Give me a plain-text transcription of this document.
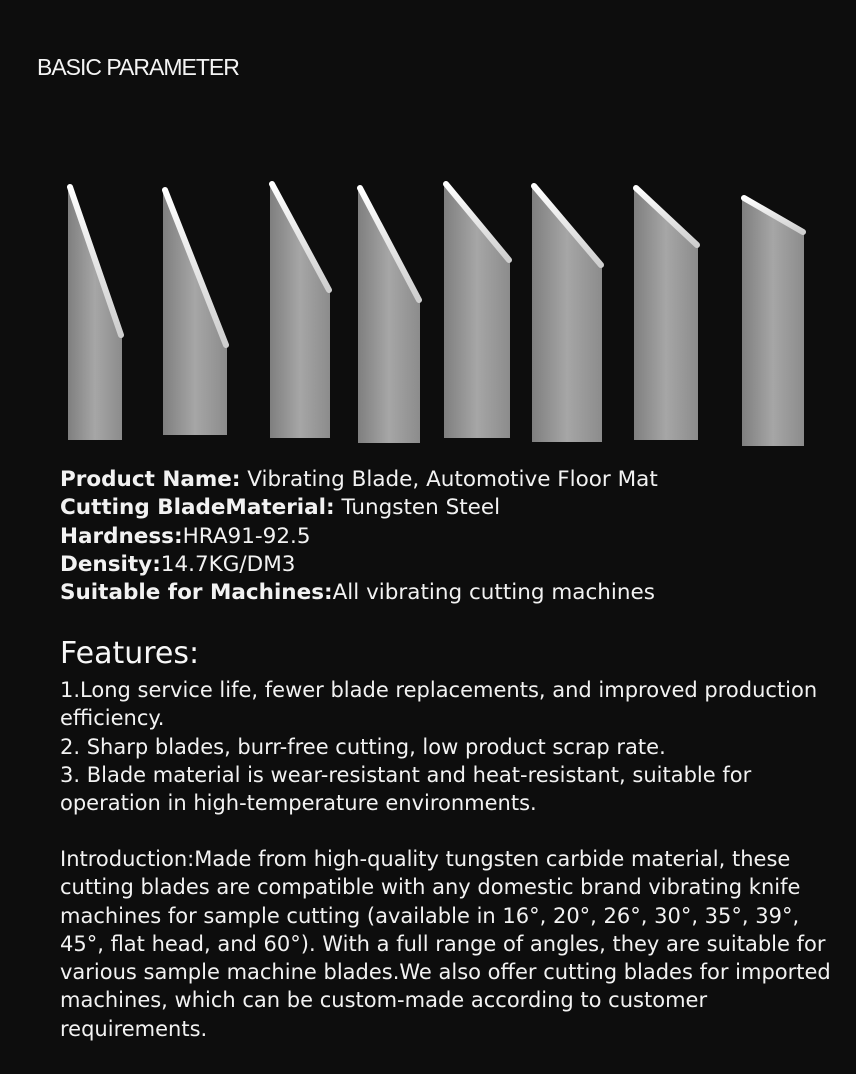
BASIC PARAMETER
Product Name: Vibrating Blade, Automotive Floor Mat
Cutting BladeMaterial: Tungsten Steel
Hardness:HRA91-92.5
Density:14.7KG/DM3
Suitable for Machines:All vibrating cutting machines
Features:
1.Long service life, fewer blade replacements, and improved production efficiency.
2. Sharp blades, burr-free cutting, low product scrap rate.
3. Blade material is wear-resistant and heat-resistant, suitable for operation in high-temperature environments.

Introduction:Made from high-quality tungsten carbide material, these cutting blades are compatible with any domestic brand vibrating knife machines for sample cutting (available in 16°, 20°, 26°, 30°, 35°, 39°, 45°, flat head, and 60°). With a full range of angles, they are suitable for various sample machine blades.We also offer cutting blades for imported machines, which can be custom-made according to customer requirements.
